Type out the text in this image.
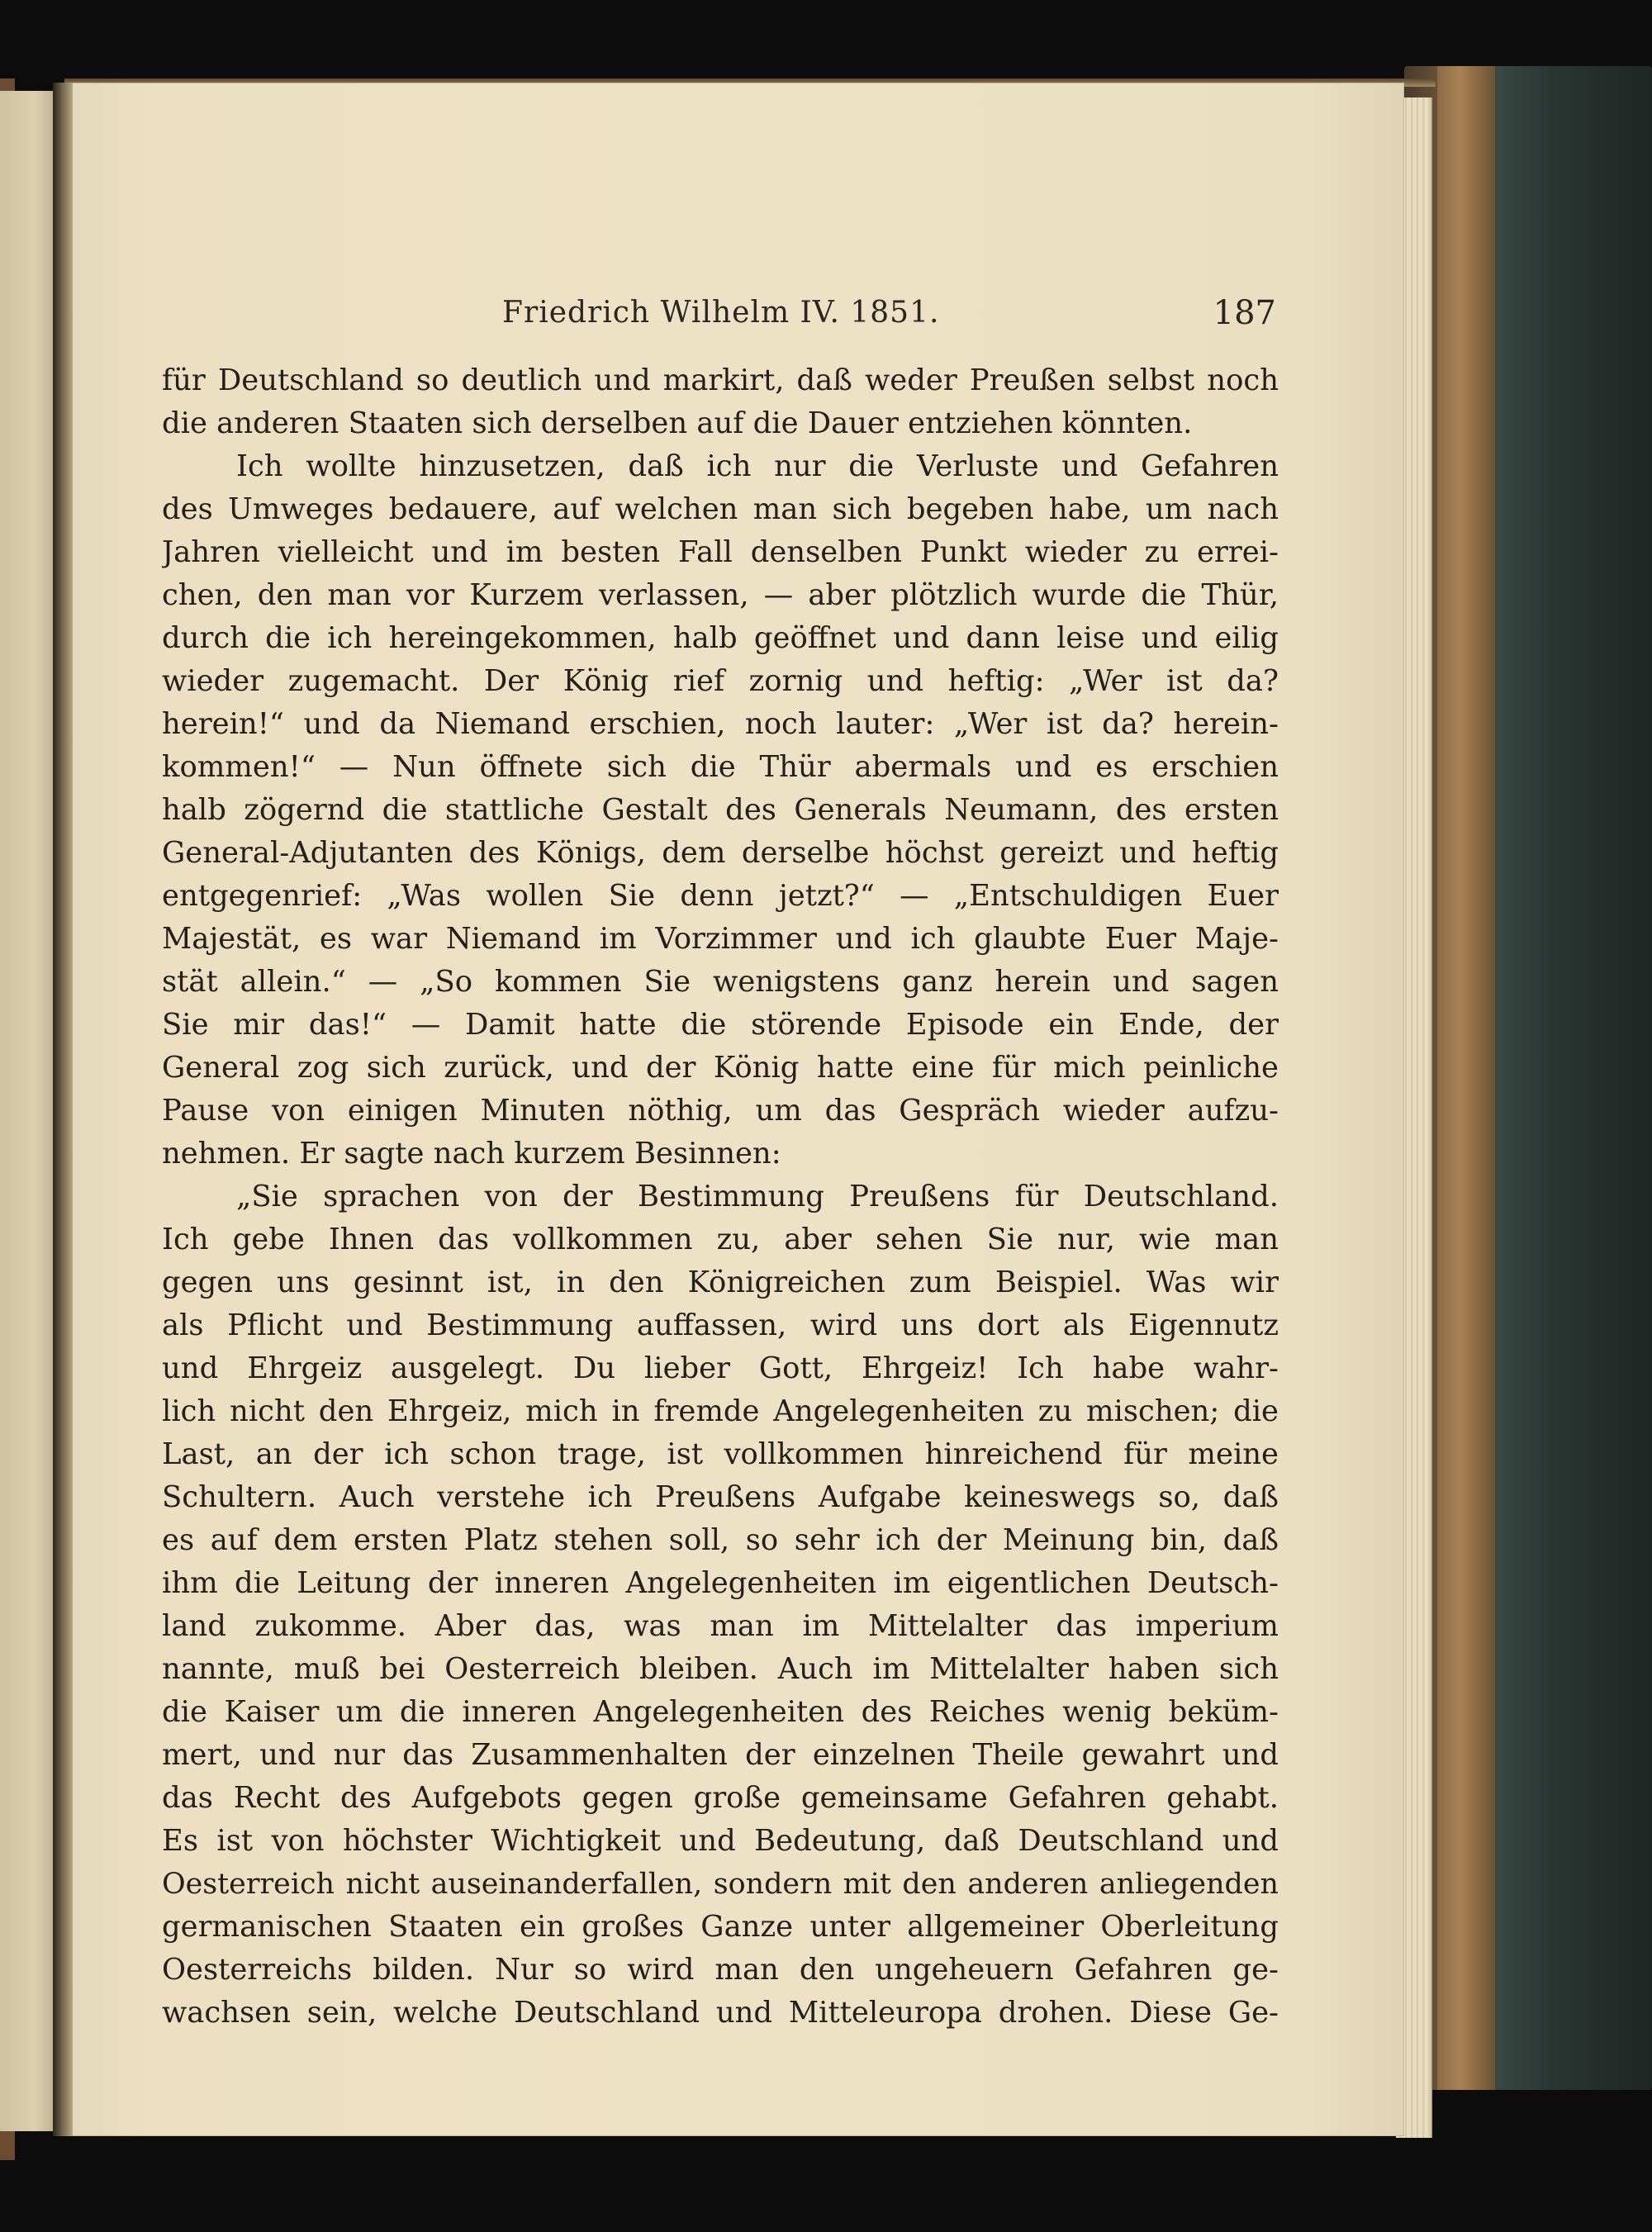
Friedrich Wilhelm IV. 1851.	187
für Deutschland so deutlich und markirt, daß weder Preußen selbst noch
die anderen Staaten sich derselben auf die Dauer entziehen könnten.
Ich wollte hinzusetzen, daß ich nur die Verluste und Gefahren
des Umweges bedauere, auf welchen man sich begeben habe, um nach
Jahren vielleicht und im besten Fall denselben Punkt wieder zu errei-
chen, den man vor Kurzem verlassen, — aber plötzlich wurde die Thür,
durch die ich hereingekommen, halb geöffnet und dann leise und eilig
wieder zugemacht. Der König rief zornig und heftig: „Wer ist da?
herein!“ und da Niemand erschien, noch lauter: „Wer ist da? herein-
kommen!“ — Nun öffnete sich die Thür abermals und es erschien
halb zögernd die stattliche Gestalt des Generals Neumann, des ersten
General-Adjutanten des Königs, dem derselbe höchst gereizt und heftig
entgegenrief: „Was wollen Sie denn jetzt?“ — „Entschuldigen Euer
Majestät, es war Niemand im Vorzimmer und ich glaubte Euer Maje-
stät allein.“ — „So kommen Sie wenigstens ganz herein und sagen
Sie mir das!“ — Damit hatte die störende Episode ein Ende, der
General zog sich zurück, und der König hatte eine für mich peinliche
Pause von einigen Minuten nöthig, um das Gespräch wieder aufzu-
nehmen. Er sagte nach kurzem Besinnen:
„Sie sprachen von der Bestimmung Preußens für Deutschland.
Ich gebe Ihnen das vollkommen zu, aber sehen Sie nur, wie man
gegen uns gesinnt ist, in den Königreichen zum Beispiel. Was wir
als Pflicht und Bestimmung auffassen, wird uns dort als Eigennutz
und Ehrgeiz ausgelegt. Du lieber Gott, Ehrgeiz! Ich habe wahr-
lich nicht den Ehrgeiz, mich in fremde Angelegenheiten zu mischen; die
Last, an der ich schon trage, ist vollkommen hinreichend für meine
Schultern. Auch verstehe ich Preußens Aufgabe keineswegs so, daß
es auf dem ersten Platz stehen soll, so sehr ich der Meinung bin, daß
ihm die Leitung der inneren Angelegenheiten im eigentlichen Deutsch-
land zukomme. Aber das, was man im Mittelalter das imperium
nannte, muß bei Oesterreich bleiben. Auch im Mittelalter haben sich
die Kaiser um die inneren Angelegenheiten des Reiches wenig beküm-
mert, und nur das Zusammenhalten der einzelnen Theile gewahrt und
das Recht des Aufgebots gegen große gemeinsame Gefahren gehabt.
Es ist von höchster Wichtigkeit und Bedeutung, daß Deutschland und
Oesterreich nicht auseinanderfallen, sondern mit den anderen anliegenden
germanischen Staaten ein großes Ganze unter allgemeiner Oberleitung
Oesterreichs bilden. Nur so wird man den ungeheuern Gefahren ge-
wachsen sein, welche Deutschland und Mitteleuropa drohen. Diese Ge-
